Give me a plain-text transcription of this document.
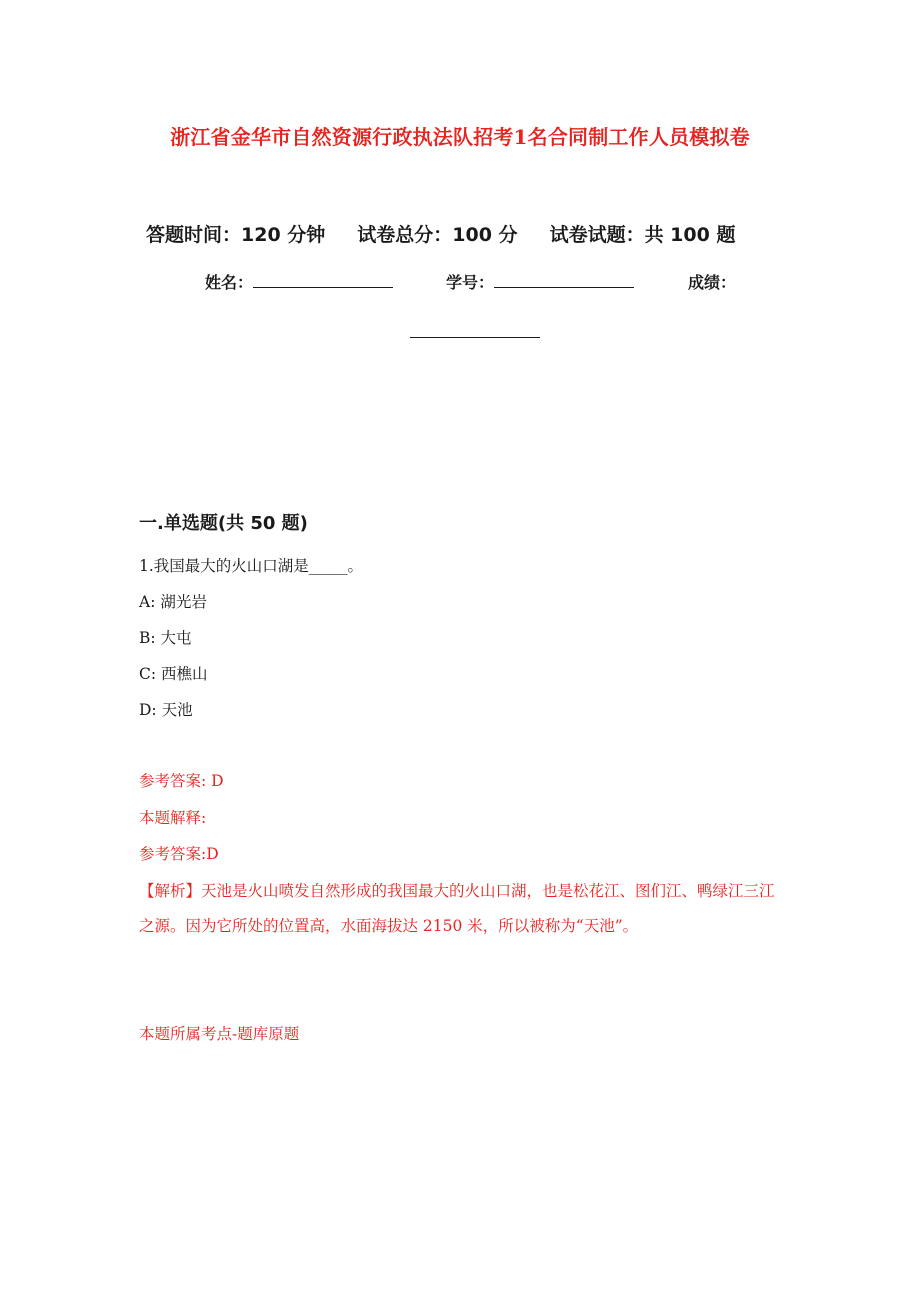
浙江省金华市自然资源行政执法队招考1名合同制工作人员模拟卷
答题时间：120 分钟 试卷总分：100 分 试卷试题：共 100 题
姓名：	学号：	成绩：
一.单选题(共 50 题)
1.我国最大的火山口湖是_____。
A: 湖光岩
B: 大屯
C: 西樵山
D: 天池
参考答案: D
本题解释:
参考答案:D
【解析】天池是火山喷发自然形成的我国最大的火山口湖，也是松花江、图们江、鸭绿江三江之源。因为它所处的位置高，水面海拔达 2150 米，所以被称为“天池”。
本题所属考点-题库原题
